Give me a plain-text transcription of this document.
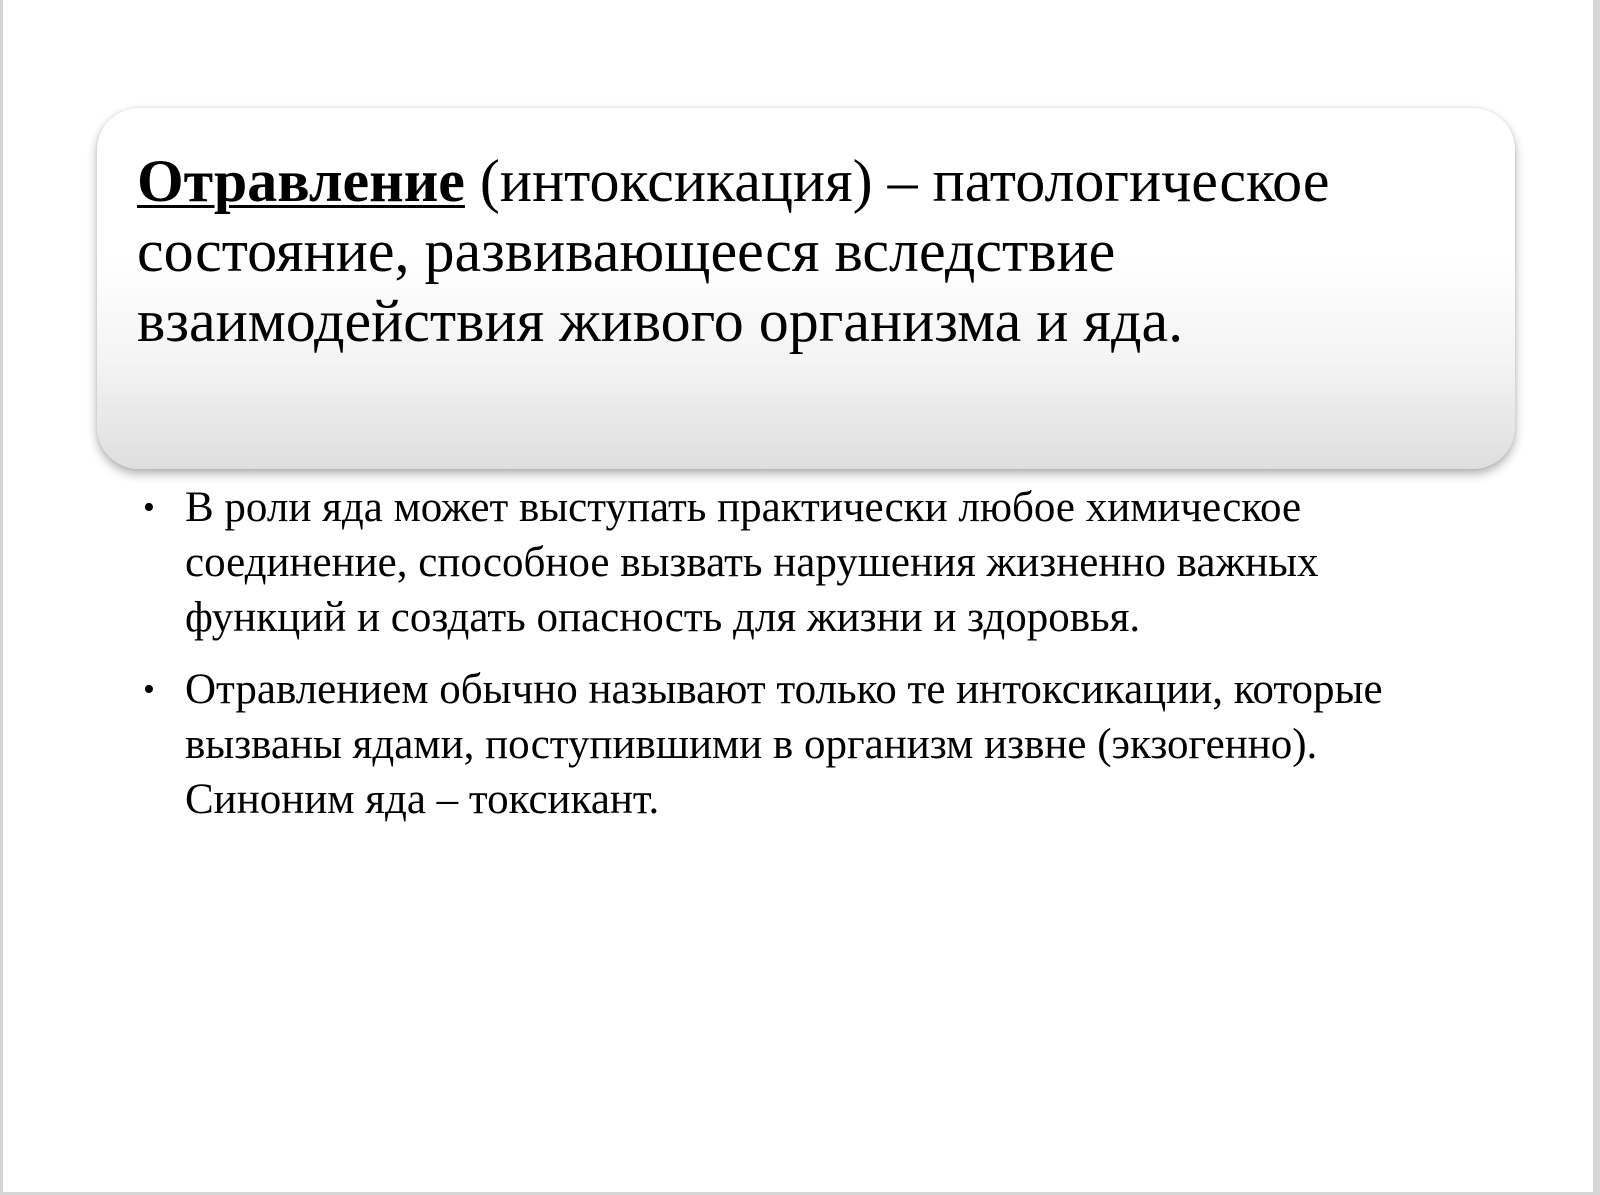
Отравление (интоксикация) – патологическое состояние, развивающееся вследствие взаимодействия живого организма и яда.

• В роли яда может выступать практически любое химическое соединение, способное вызвать нарушения жизненно важных функций и создать опасность для жизни и здоровья.
• Отравлением обычно называют только те интоксикации, которые вызваны ядами, поступившими в организм извне (экзогенно). Синоним яда – токсикант.
